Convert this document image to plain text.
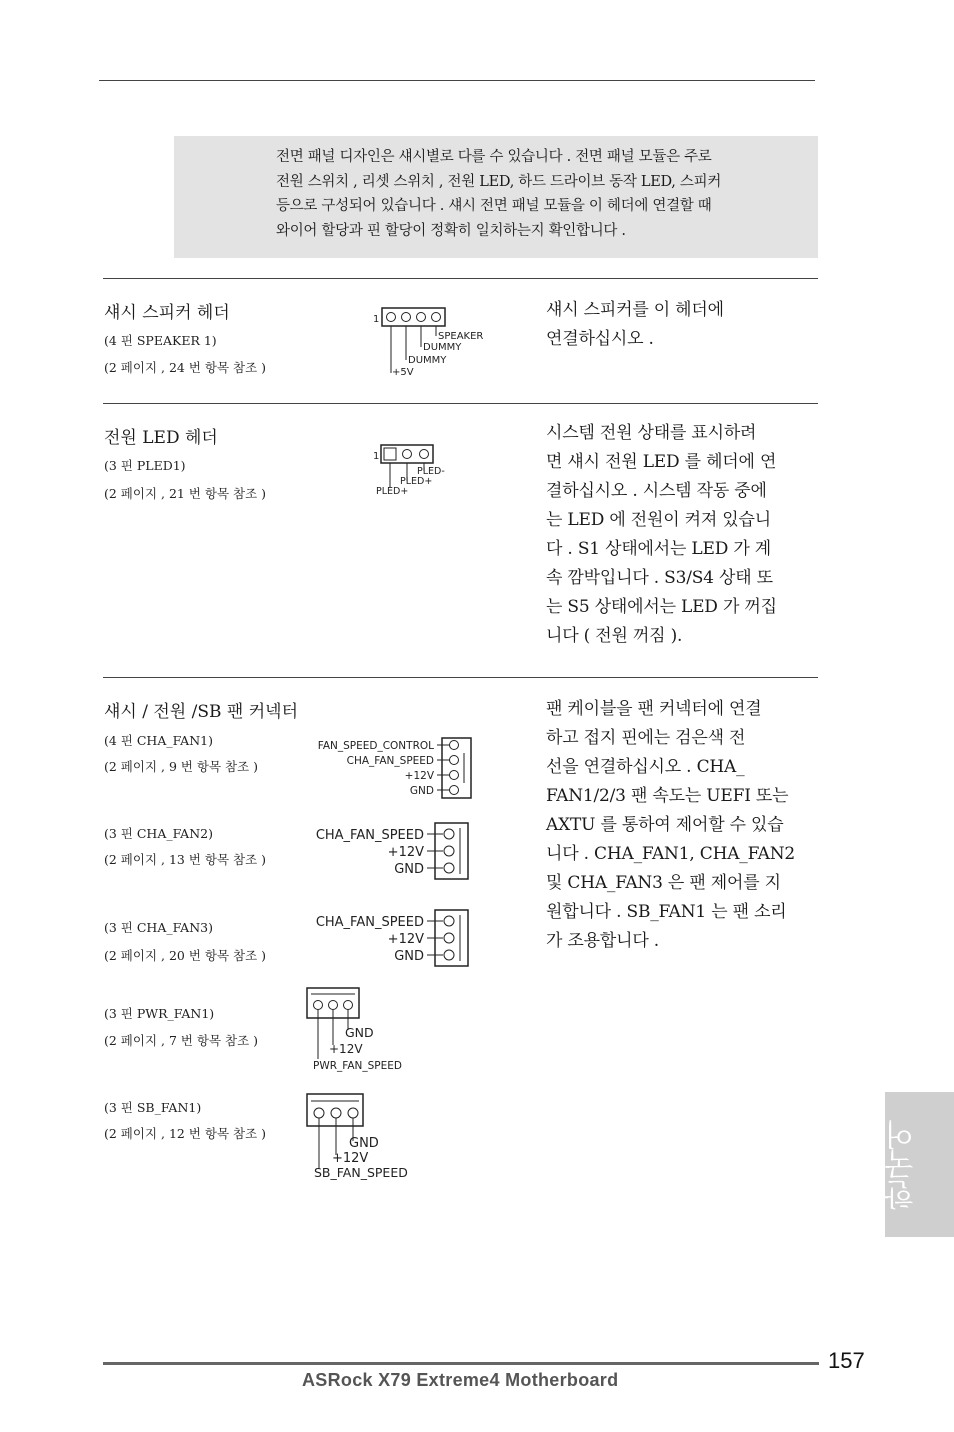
전면 패널 디자인은 섀시별로 다를 수 있습니다 . 전면 패널 모듈은 주로
전원 스위치 , 리셋 스위치 , 전원 LED, 하드 드라이브 동작 LED, 스피커
등으로 구성되어 있습니다 . 섀시 전면 패널 모듈을 이 헤더에 연결할 때
와이어 할당과 핀 할당이 정확히 일치하는지 확인합니다 .
섀시 스피커 헤더
(4 핀 SPEAKER 1)
(2 페이지 , 24 번 항목 참조 )
섀시 스피커를 이 헤더에
연결하십시오 .
1
SPEAKER
DUMMY
DUMMY
+5V
전원 LED 헤더
(3 핀 PLED1)
(2 페이지 , 21 번 항목 참조 )
시스템 전원 상태를 표시하려
면 섀시 전원 LED 를 헤더에 연
결하십시오 . 시스템 작동 중에
는 LED 에 전원이 켜져 있습니
다 . S1 상태에서는 LED 가 계
속 깜박입니다 . S3/S4 상태 또
는 S5 상태에서는 LED 가 꺼집
니다 ( 전원 꺼짐 ).
1
PLED-
PLED+
PLED+
섀시 / 전원 /SB 팬 커넥터	팬 케이블을 팬 커넥터에 연결
하고 접지 핀에는 검은색 전
선을 연결하십시오 . CHA_
FAN1/2/3 팬 속도는 UEFI 또는
AXTU 를 통하여 제어할 수 있습
니다 . CHA_FAN1, CHA_FAN2
및 CHA_FAN3 은 팬 제어를 지
원합니다 . SB_FAN1 는 팬 소리
가 조용합니다 .
(4 핀 CHA_FAN1)
(2 페이지 , 9 번 항목 참조 )
FAN_SPEED_CONTROL
CHA_FAN_SPEED
+12V
GND
(3 핀 CHA_FAN2)
(2 페이지 , 13 번 항목 참조 )
CHA_FAN_SPEED
+12V
GND
(3 핀 CHA_FAN3)
(2 페이지 , 20 번 항목 참조 )
CHA_FAN_SPEED
+12V
GND
(3 핀 PWR_FAN1)
(2 페이지 , 7 번 항목 참조 )
GND
+12V
PWR_FAN_SPEED
(3 핀 SB_FAN1)
(2 페이지 , 12 번 항목 참조 )
GND
+12V
SB_FAN_SPEED	한국어
157
ASRock X79 Extreme4 Motherboard
